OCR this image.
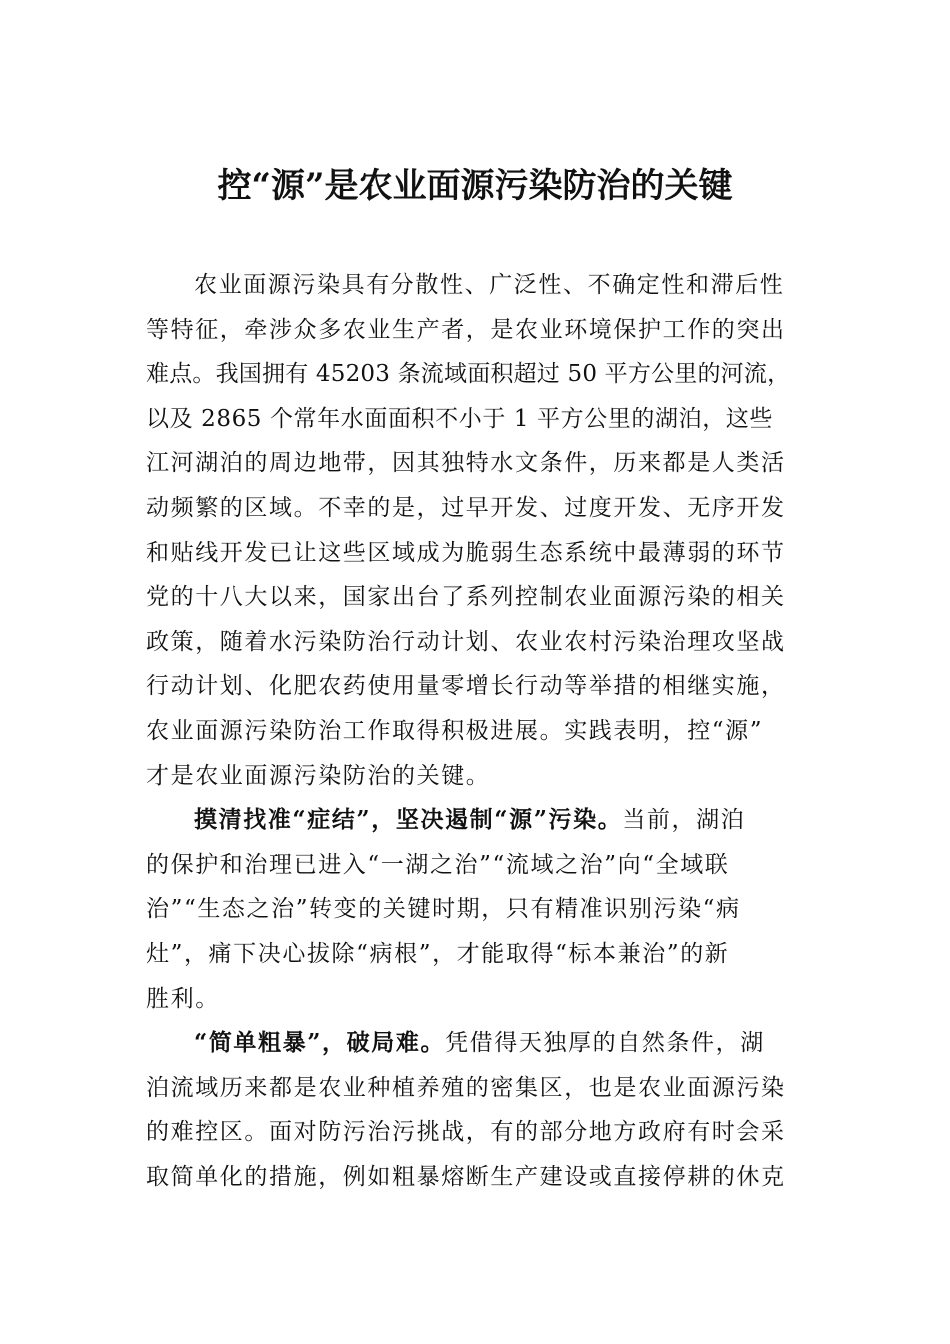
控“源”是农业面源污染防治的关键
农业面源污染具有分散性、广泛性、不确定性和滞后性
等特征，牵涉众多农业生产者，是农业环境保护工作的突出
难点。我国拥有 45203 条流域面积超过 50 平方公里的河流，
以及 2865 个常年水面面积不小于 1 平方公里的湖泊，这些
江河湖泊的周边地带，因其独特水文条件，历来都是人类活
动频繁的区域。不幸的是，过早开发、过度开发、无序开发
和贴线开发已让这些区域成为脆弱生态系统中最薄弱的环节
党的十八大以来，国家出台了系列控制农业面源污染的相关
政策，随着水污染防治行动计划、农业农村污染治理攻坚战
行动计划、化肥农药使用量零增长行动等举措的相继实施，
农业面源污染防治工作取得积极进展。实践表明，控“源”
才是农业面源污染防治的关键。
摸清找准“症结”，坚决遏制“源”污染。当前，湖泊
的保护和治理已进入“一湖之治”“流域之治”向“全域联
治”“生态之治”转变的关键时期，只有精准识别污染“病
灶”，痛下决心拔除“病根”，才能取得“标本兼治”的新
胜利。
“简单粗暴”，破局难。凭借得天独厚的自然条件，湖
泊流域历来都是农业种植养殖的密集区，也是农业面源污染
的难控区。面对防污治污挑战，有的部分地方政府有时会采
取简单化的措施，例如粗暴熔断生产建设或直接停耕的休克
